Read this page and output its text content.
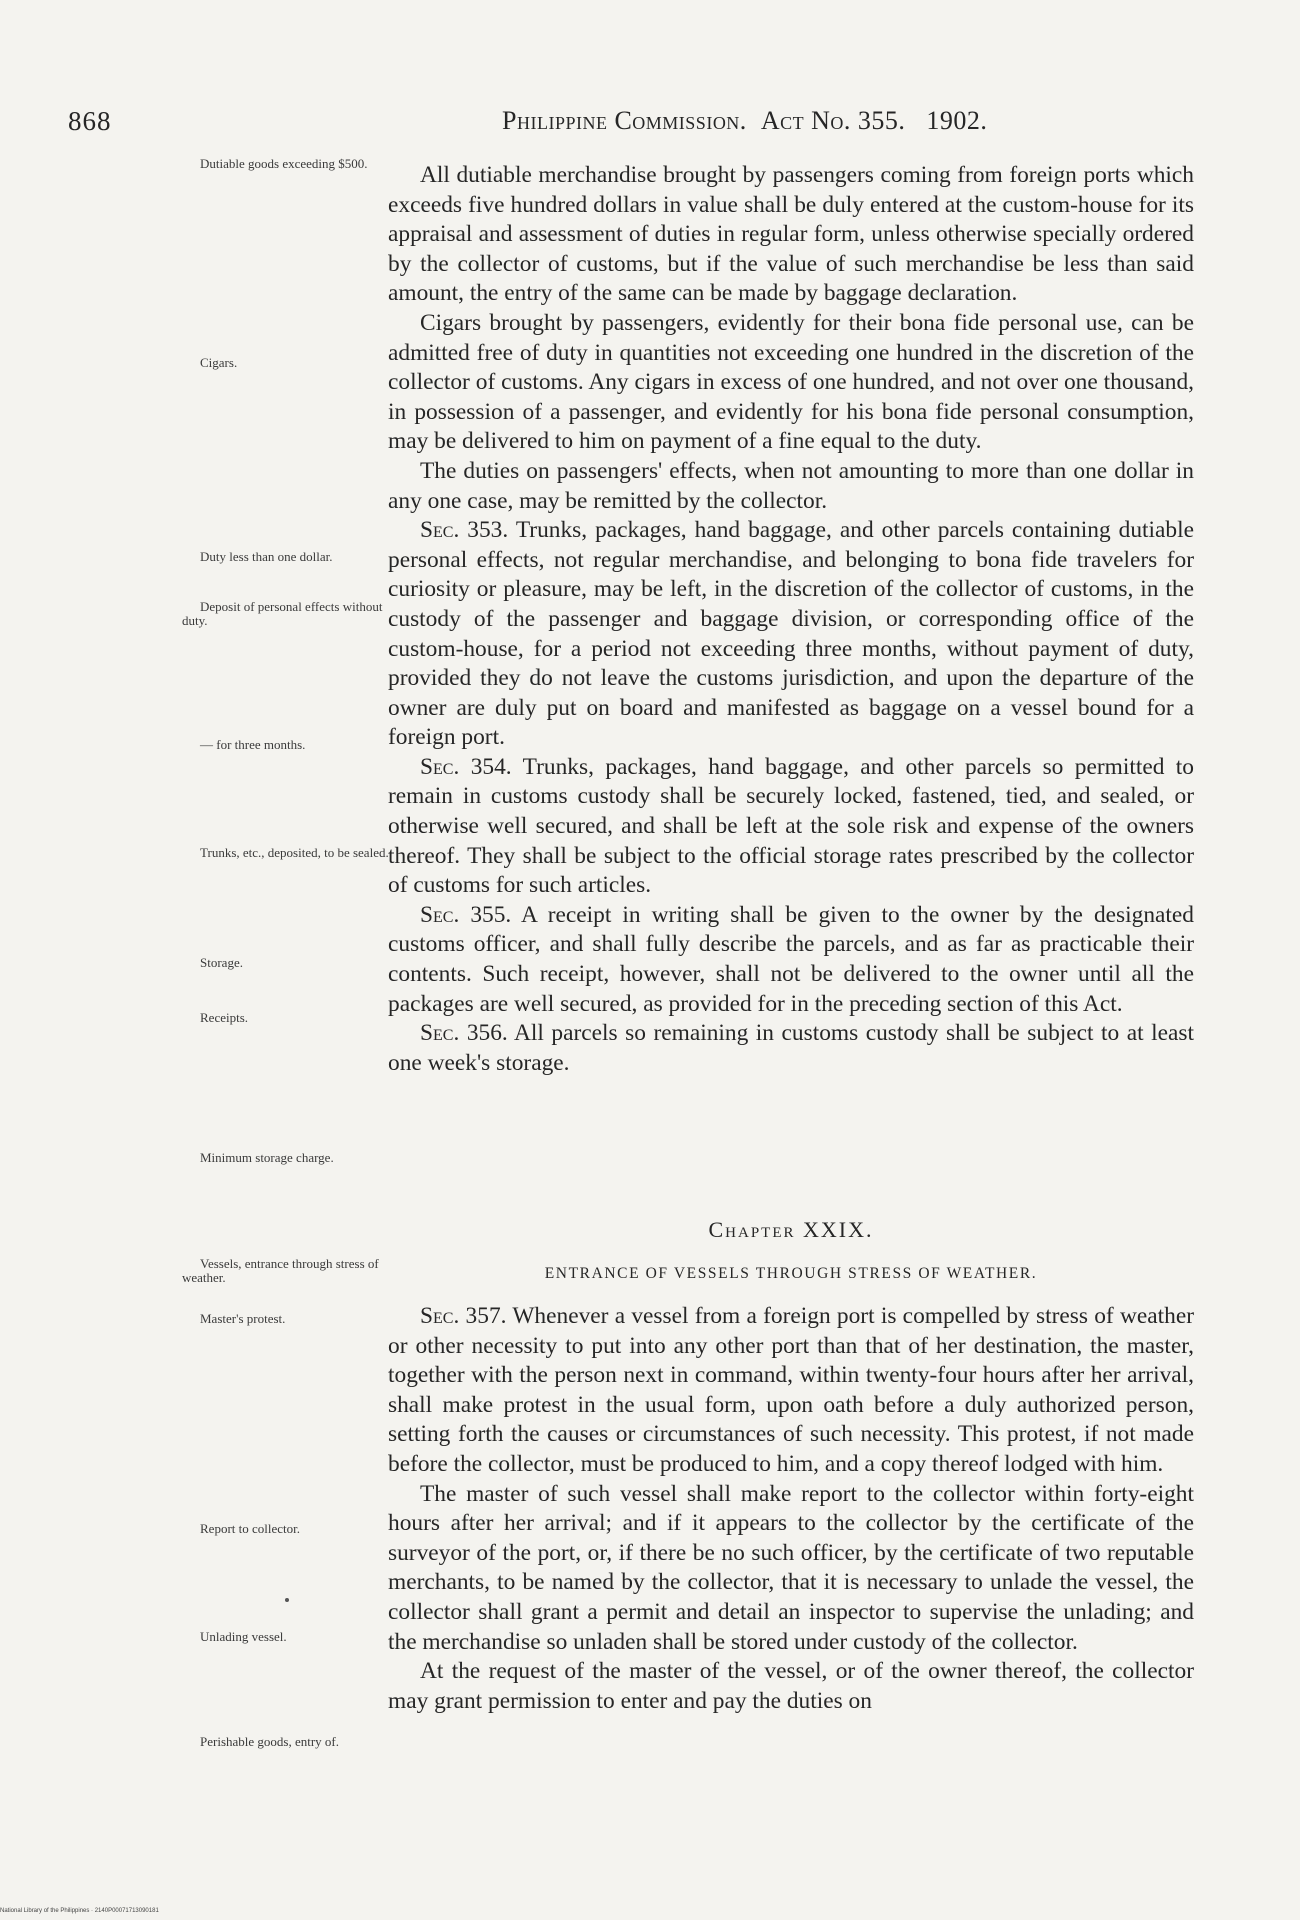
868	Philippine Commission. Act No. 355. 1902.
Dutiable goods exceeding $500.
Cigars.
Duty less than one dollar.
Deposit of personal effects without duty.
— for three months.
Trunks, etc., deposited, to be sealed.
Storage.
Receipts.
Minimum storage charge.
Vessels, entrance through stress of weather.
Master's protest.
Report to collector.
Unlading vessel.
Perishable goods, entry of.

All dutiable merchandise brought by passengers coming from foreign ports which exceeds five hundred dollars in value shall be duly entered at the custom-house for its appraisal and assessment of duties in regular form, unless otherwise specially ordered by the collector of customs, but if the value of such merchandise be less than said amount, the entry of the same can be made by baggage declaration.

Cigars brought by passengers, evidently for their bona fide personal use, can be admitted free of duty in quantities not exceeding one hundred in the discretion of the collector of customs. Any cigars in excess of one hundred, and not over one thousand, in possession of a passenger, and evidently for his bona fide personal consumption, may be delivered to him on payment of a fine equal to the duty.

The duties on passengers' effects, when not amounting to more than one dollar in any one case, may be remitted by the collector.

Sec. 353. Trunks, packages, hand baggage, and other parcels containing dutiable personal effects, not regular merchandise, and belonging to bona fide travelers for curiosity or pleasure, may be left, in the discretion of the collector of customs, in the custody of the passenger and baggage division, or corresponding office of the custom-house, for a period not exceeding three months, without payment of duty, provided they do not leave the customs jurisdiction, and upon the departure of the owner are duly put on board and manifested as baggage on a vessel bound for a foreign port.

Sec. 354. Trunks, packages, hand baggage, and other parcels so permitted to remain in customs custody shall be securely locked, fastened, tied, and sealed, or otherwise well secured, and shall be left at the sole risk and expense of the owners thereof. They shall be subject to the official storage rates prescribed by the collector of customs for such articles.

Sec. 355. A receipt in writing shall be given to the owner by the designated customs officer, and shall fully describe the parcels, and as far as practicable their contents. Such receipt, however, shall not be delivered to the owner until all the packages are well secured, as provided for in the preceding section of this Act.

Sec. 356. All parcels so remaining in customs custody shall be subject to at least one week's storage.

Chapter XXIX.
ENTRANCE OF VESSELS THROUGH STRESS OF WEATHER.

Sec. 357. Whenever a vessel from a foreign port is compelled by stress of weather or other necessity to put into any other port than that of her destination, the master, together with the person next in command, within twenty-four hours after her arrival, shall make protest in the usual form, upon oath before a duly authorized person, setting forth the causes or circumstances of such necessity. This protest, if not made before the collector, must be produced to him, and a copy thereof lodged with him.

The master of such vessel shall make report to the collector within forty-eight hours after her arrival; and if it appears to the collector by the certificate of the surveyor of the port, or, if there be no such officer, by the certificate of two reputable merchants, to be named by the collector, that it is necessary to unlade the vessel, the collector shall grant a permit and detail an inspector to supervise the unlading; and the merchandise so unladen shall be stored under custody of the collector.

At the request of the master of the vessel, or of the owner thereof, the collector may grant permission to enter and pay the duties on

National Library of the Philippines · 2140P00071713090181
